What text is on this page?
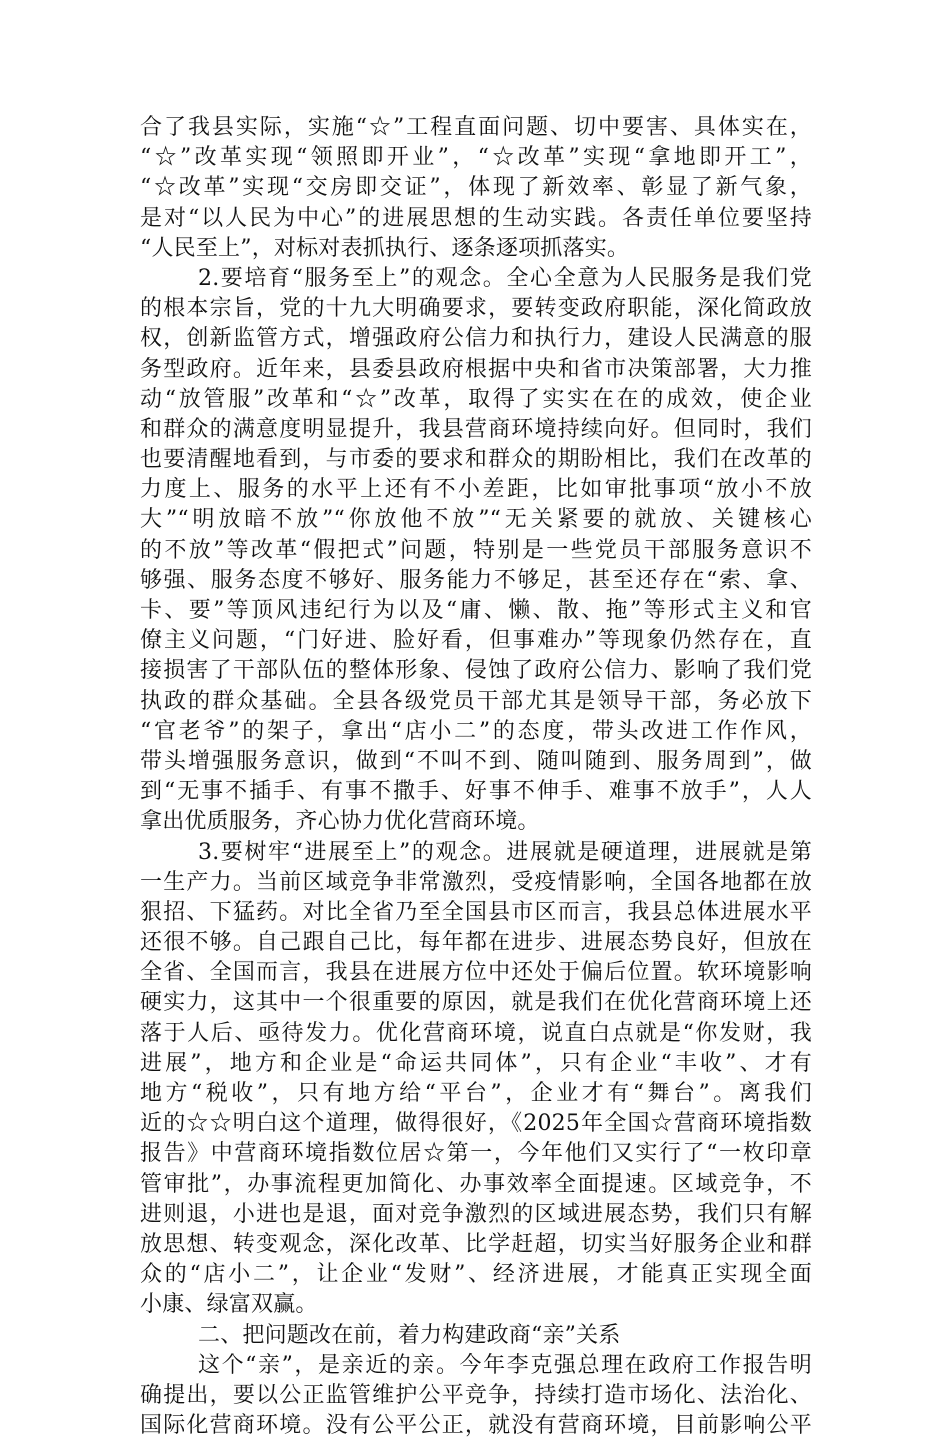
合了我县实际，实施“☆”工程直面问题、切中要害、具体实在，
“☆”改革实现“领照即开业”，“☆改革”实现“拿地即开工”，
“☆改革”实现“交房即交证”，体现了新效率、彰显了新气象，
是对“以人民为中心”的进展思想的生动实践。各责任单位要坚持
“人民至上”，对标对表抓执行、逐条逐项抓落实。
2.要培育“服务至上”的观念。全心全意为人民服务是我们党
的根本宗旨，党的十九大明确要求，要转变政府职能，深化简政放
权，创新监管方式，增强政府公信力和执行力，建设人民满意的服
务型政府。近年来，县委县政府根据中央和省市决策部署，大力推
动“放管服”改革和“☆”改革，取得了实实在在的成效，使企业
和群众的满意度明显提升，我县营商环境持续向好。但同时，我们
也要清醒地看到，与市委的要求和群众的期盼相比，我们在改革的
力度上、服务的水平上还有不小差距，比如审批事项“放小不放
大”“明放暗不放”“你放他不放”“无关紧要的就放、关键核心
的不放”等改革“假把式”问题，特别是一些党员干部服务意识不
够强、服务态度不够好、服务能力不够足，甚至还存在“索、拿、
卡、要”等顶风违纪行为以及“庸、懒、散、拖”等形式主义和官
僚主义问题，“门好进、脸好看，但事难办”等现象仍然存在，直
接损害了干部队伍的整体形象、侵蚀了政府公信力、影响了我们党
执政的群众基础。全县各级党员干部尤其是领导干部，务必放下
“官老爷”的架子，拿出“店小二”的态度，带头改进工作作风，
带头增强服务意识，做到“不叫不到、随叫随到、服务周到”，做
到“无事不插手、有事不撒手、好事不伸手、难事不放手”，人人
拿出优质服务，齐心协力优化营商环境。
3.要树牢“进展至上”的观念。进展就是硬道理，进展就是第
一生产力。当前区域竞争非常激烈，受疫情影响，全国各地都在放
狠招、下猛药。对比全省乃至全国县市区而言，我县总体进展水平
还很不够。自己跟自己比，每年都在进步、进展态势良好，但放在
全省、全国而言，我县在进展方位中还处于偏后位置。软环境影响
硬实力，这其中一个很重要的原因，就是我们在优化营商环境上还
落于人后、亟待发力。优化营商环境，说直白点就是“你发财，我
进展”，地方和企业是“命运共同体”，只有企业“丰收”、才有
地方“税收”，只有地方给“平台”，企业才有“舞台”。离我们
近的☆☆明白这个道理，做得很好，《2025年全国☆营商环境指数
报告》中营商环境指数位居☆第一，今年他们又实行了“一枚印章
管审批”，办事流程更加简化、办事效率全面提速。区域竞争，不
进则退，小进也是退，面对竞争激烈的区域进展态势，我们只有解
放思想、转变观念，深化改革、比学赶超，切实当好服务企业和群
众的“店小二”，让企业“发财”、经济进展，才能真正实现全面
小康、绿富双赢。
二、把问题改在前，着力构建政商“亲”关系
这个“亲”，是亲近的亲。今年李克强总理在政府工作报告明
确提出，要以公正监管维护公平竞争，持续打造市场化、法治化、
国际化营商环境。没有公平公正，就没有营商环境，目前影响公平
